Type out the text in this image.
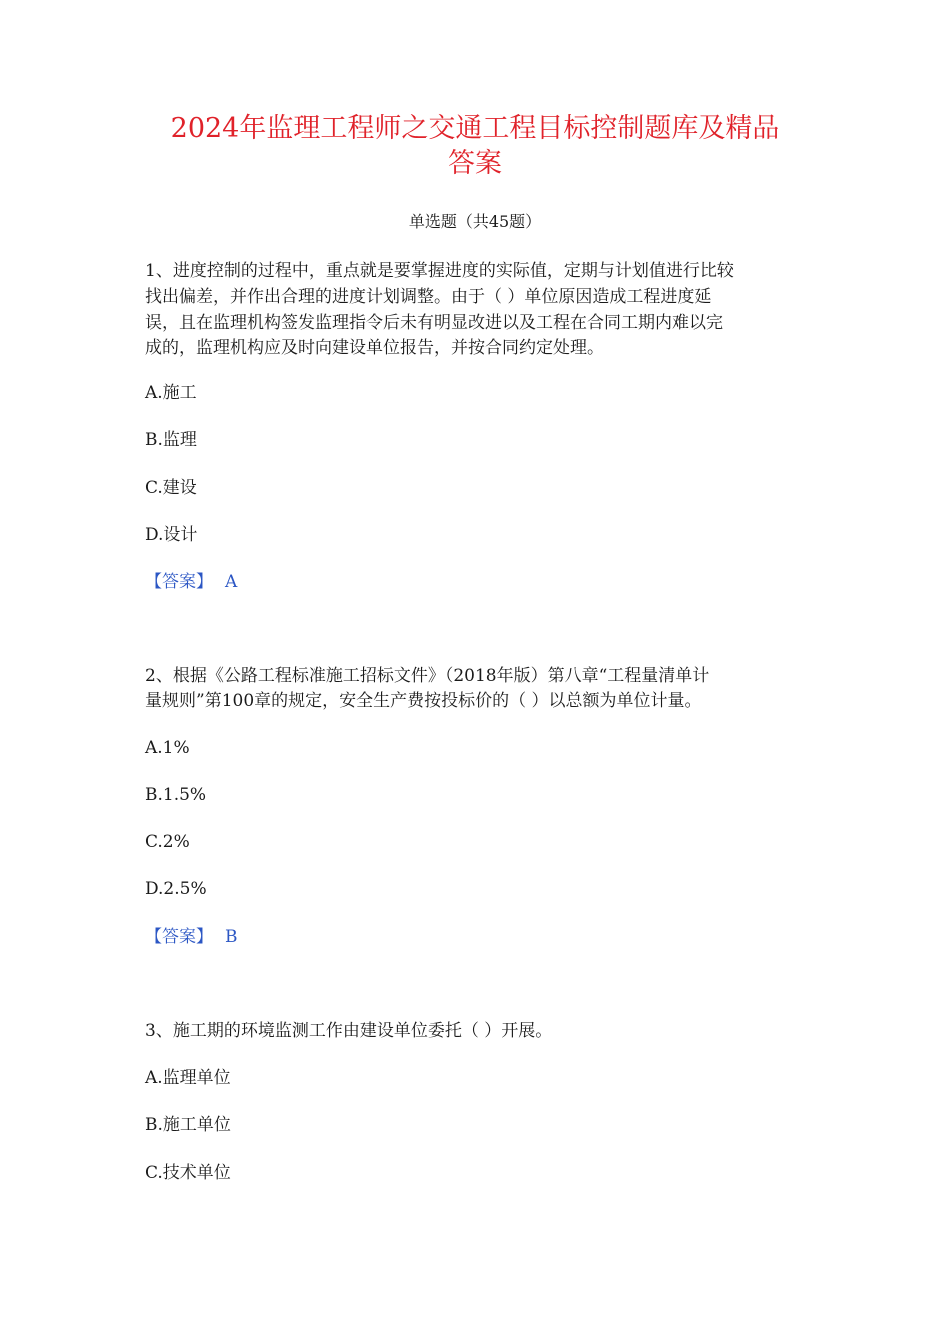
2024年监理工程师之交通工程目标控制题库及精品
答案
单选题（共45题）
1、进度控制的过程中，重点就是要掌握进度的实际值，定期与计划值进行比较
找出偏差，并作出合理的进度计划调整。由于（ ）单位原因造成工程进度延
误，且在监理机构签发监理指令后未有明显改进以及工程在合同工期内难以完
成的，监理机构应及时向建设单位报告，并按合同约定处理。
A.施工
B.监理
C.建设
D.设计
【答案】 A
2、根据《公路工程标准施工招标文件》（2018年版）第八章“工程量清单计
量规则”第100章的规定，安全生产费按投标价的（ ）以总额为单位计量。
A.1%
B.1.5%
C.2%
D.2.5%
【答案】 B
3、施工期的环境监测工作由建设单位委托（ ）开展。
A.监理单位
B.施工单位
C.技术单位
